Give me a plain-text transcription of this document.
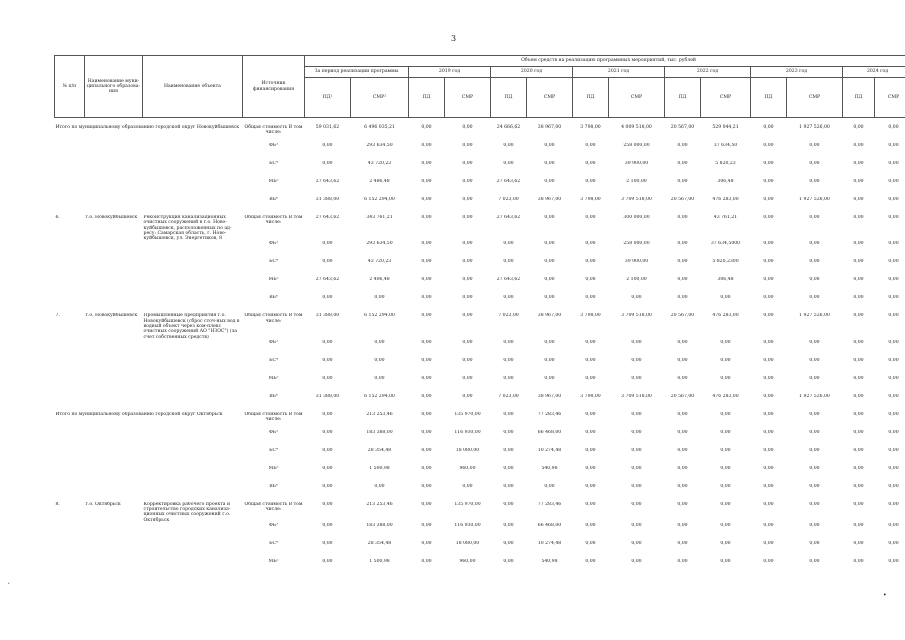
3
№ п/п	Наименование муни-ципального образова-ния	Наименование объекта	Источник финансирования	Объем средств на реализацию программных мероприятий, тыс. рублей													
				За период реализации программы		2019 год		2020 год		2021 год		2022 год		2023 год		2024 год	
				ПД¹	СМР²	ПД	СМР	ПД	СМР	ПД	СМР	ПД	СМР	ПД	СМР	ПД	СМР
Итого по муниципальному образованию городской округ Новокуйбышевск			Общая стоимость В том числе:	59 031,62	6 496 035,21	0,00	0,00	24 666,62	38 967,00	3 798,00	4 009 518,00	20 567,00	529 044,21	0,00	1 927 526,00	0,00	0,00
			ФБ³	0,00	293 634,50	0,00	0,00	0,00	0,00	0,00	258 000,00	0,00	37 634,50	0,00	0,00	0,00	0,00
			БС⁴	0,00	43 720,23	0,00	0,00	0,00	0,00	0,00	39 900,00	0,00	5 820,23	0,00	0,00	0,00	0,00
			МБ⁵	27 643,62	2 486,48	0,00	0,00	27 643,62	0,00	0,00	2 100,00	0,00	306,48	0,00	0,00	0,00	0,00
			ВБ⁶	31 388,00	6 152 294,00	0,00	0,00	7 023,00	38 967,00	3 798,00	3 709 518,00	20 567,00	476 283,00	0,00	1 927 526,00	0,00	0,00
6.	г.о. Новокуйбышевск	Реконструкция канализационных очистных сооружений в г.о. Ново-куйбышевск, расположенных по ад-ресу: Самарская область, г. Ново-куйбышевск, ул. Энергетиков, 8	Общая стоимость В том числе:	27 643,62	343 761,21	0,00	0,00	27 643,62	0,00	0,00	300 000,00	0,00	43 761,21	0,00	0,00	0,00	0,00
			ФБ³	0,00	293 634,50	0,00	0,00	0,00	0,00	0,00	258 000,00	0,00	37 634,5000	0,00	0,00	0,00	0,00
			БС⁴	0,00	43 720,23	0,00	0,00	0,00	0,00	0,00	39 900,00	0,00	5 820,2300	0,00	0,00	0,00	0,00
			МБ⁵	27 643,62	2 406,48	0,00	0,00	27 643,62	0,00	0,00	2 100,00	0,00	306,48	0,00	0,00	0,00	0,00
			ВБ⁶	0,00	0,00	0,00	0,00	0,00	0,00	0,00	0,00	0,00	0,00	0,00	0,00	0,00	0,00
7.	г.о. Новокуйбышевск	Промышленные предприятия г.о. Новокуйбышевск (сброс сточ-ных вод в водный объект через ком-плекс очистных сооружений АО "НЗОС") (за счет собственных средств)	Общая стоимость В том числе:	31 388,00	6 152 294,00	0,00	0,00	7 023,00	38 967,00	3 798,00	3 709 518,00	20 567,00	476 283,00	0,00	1 927 526,00	0,00	0,00
			ФБ³	0,00	0,00	0,00	0,00	0,00	0,00	0,00	0,00	0,00	0,00	0,00	0,00	0,00	0,00
			БС⁴	0,00	0,00	0,00	0,00	0,00	0,00	0,00	0,00	0,00	0,00	0,00	0,00	0,00	0,00
			МБ⁵	0,00	0,00	0,00	0,00	0,00	0,00	0,00	0,00	0,00	0,00	0,00	0,00	0,00	0,00
			ВБ⁶	31 388,00	6 152 294,00	0,00	0,00	7 023,00	38 967,00	3 798,00	3 709 518,00	20 567,00	476 283,00	0,00	1 927 526,00	0,00	0,00
Итого по муниципальному образованию городской округ Октябрьск			Общая стоимость В том числе:	0,00	213 253,46	0,00	135 970,00	0,00	77 283,46	0,00	0,00	0,00	0,00	0,00	0,00	0,00	0,00
			ФБ³	0,00	183 388,00	0,00	116 930,00	0,00	66 468,00	0,00	0,00	0,00	0,00	0,00	0,00	0,00	0,00
			БС⁴	0,00	28 354,48	0,00	18 080,00	0,00	10 274,48	0,00	0,00	0,00	0,00	0,00	0,00	0,00	0,00
			МБ⁵	0,00	1 500,98	0,00	960,00	0,00	540,98	0,00	0,00	0,00	0,00	0,00	0,00	0,00	0,00
			ВБ⁶	0,00	0,00	0,00	0,00	0,00	0,00	0,00	0,00	0,00	0,00	0,00	0,00	0,00	0,00
8.	г.о. Октябрьск	Корректировка рабочего проекта и строительство городских канализа-ционных очистных сооружений г.о. Октябрьск	Общая стоимость В том числе:	0,00	213 253,46	0,00	135 970,00	0,00	77 283,46	0,00	0,00	0,00	0,00	0,00	0,00	0,00	0,00
			ФБ³	0,00	183 388,00	0,00	116 930,00	0,00	66 468,00	0,00	0,00	0,00	0,00	0,00	0,00	0,00	0,00
			БС⁴	0,00	28 354,48	0,00	18 080,00	0,00	10 274,48	0,00	0,00	0,00	0,00	0,00	0,00	0,00	0,00
			МБ⁵	0,00	1 500,98	0,00	960,00	0,00	540,98	0,00	0,00	0,00	0,00	0,00	0,00	0,00	0,00
,
•
